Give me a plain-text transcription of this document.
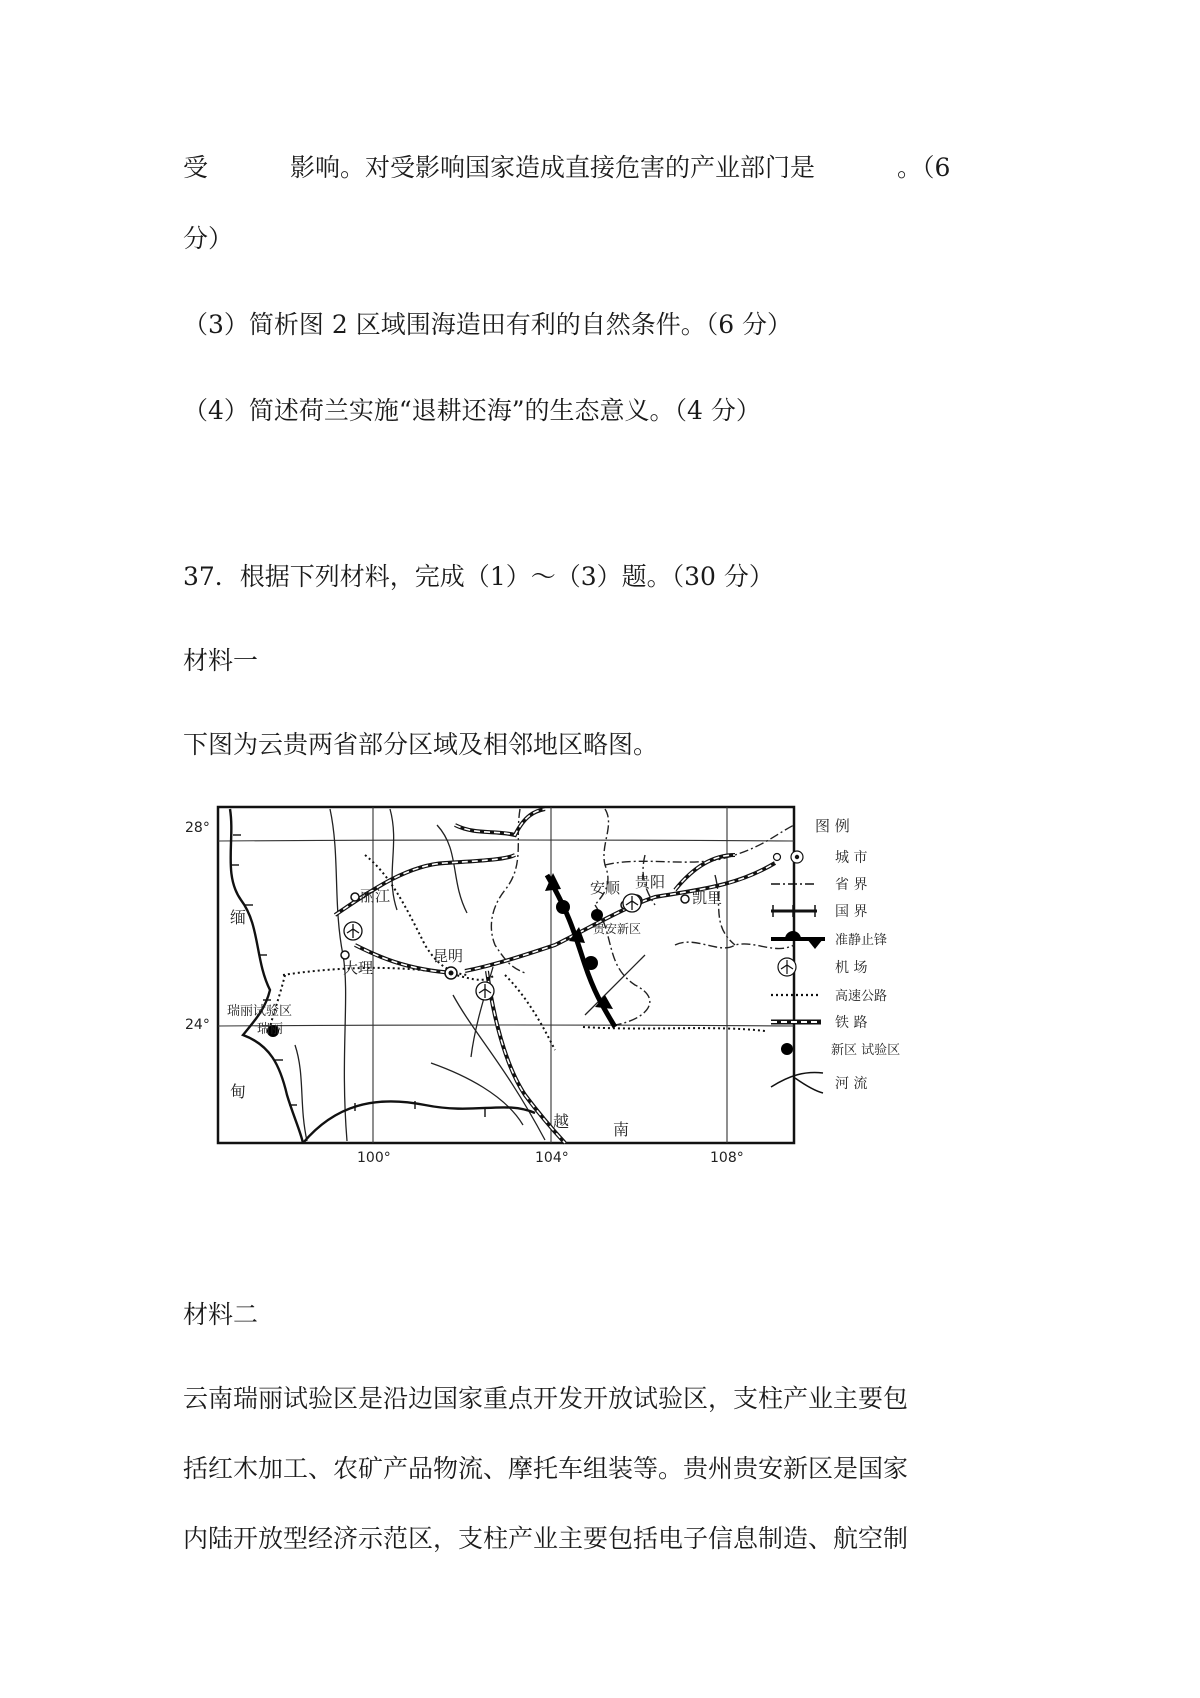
受	影响。对受影响国家造成直接危害的产业部门是	。（6
分）
（3）简析图 2 区域围海造田有利的自然条件。（6 分）
（4）简述荷兰实施“退耕还海”的生态意义。（4 分）
37．根据下列材料，完成（1）～（3）题。（30 分）
材料一
下图为云贵两省部分区域及相邻地区略图。
28°
24°
100°	104°	108°
丽江
大理
昆明
安顺 贵阳
凯里
贵安新区
瑞丽试验区
瑞丽
缅
甸
越	南
图 例
城 市
省 界
国 界
准静止锋
机 场
高速公路
铁 路
新区 试验区
河 流
材料二
云南瑞丽试验区是沿边国家重点开发开放试验区，支柱产业主要包
括红木加工、农矿产品物流、摩托车组装等。贵州贵安新区是国家
内陆开放型经济示范区，支柱产业主要包括电子信息制造、航空制
